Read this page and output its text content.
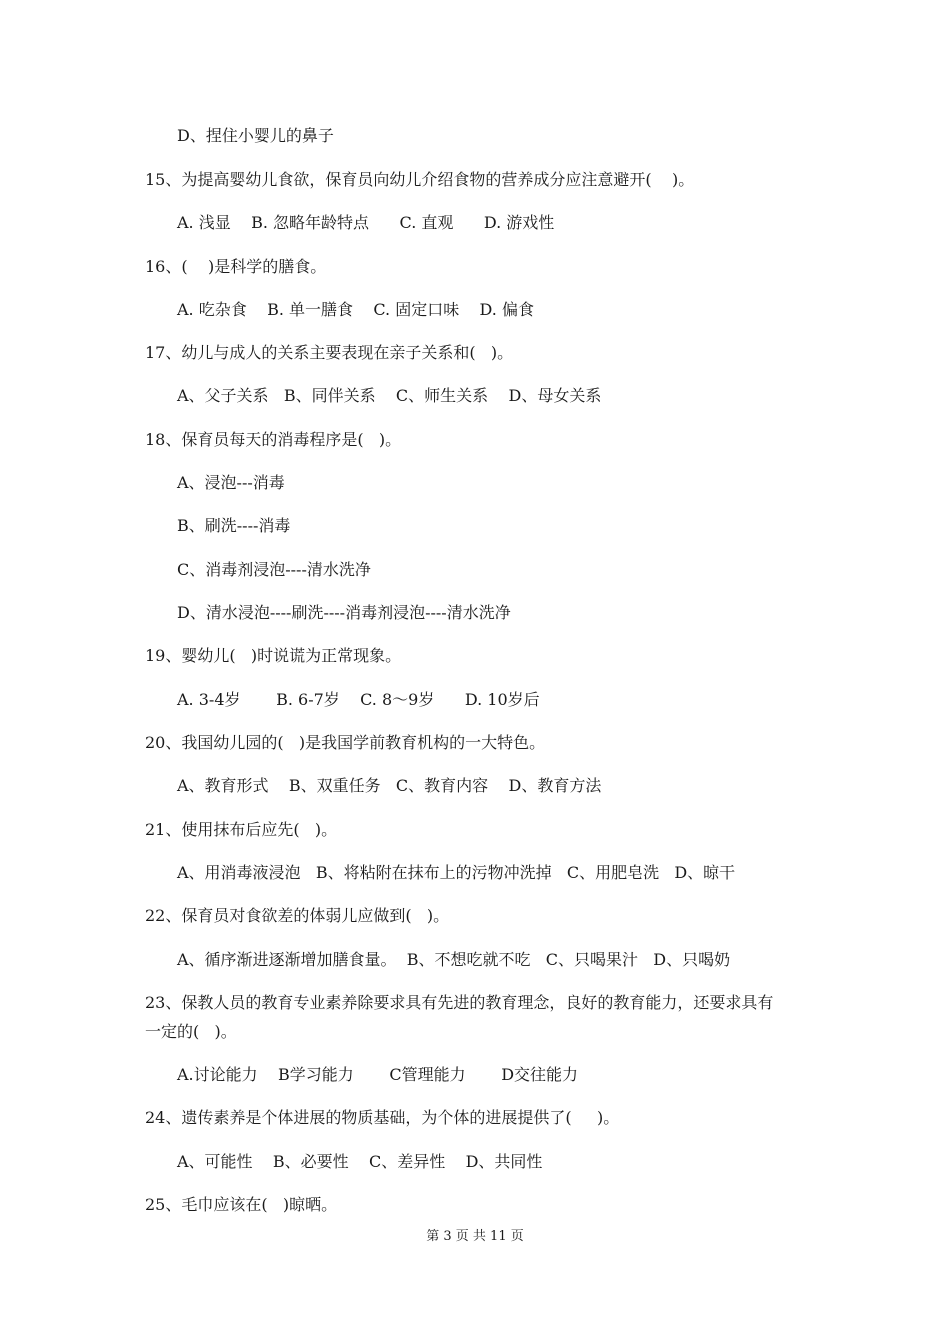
D、捏住小婴儿的鼻子
15、为提高婴幼儿食欲，保育员向幼儿介绍食物的营养成分应注意避开(    )。
A. 浅显    B. 忽略年龄特点      C. 直观      D. 游戏性
16、(    )是科学的膳食。
A. 吃杂食    B. 单一膳食    C. 固定口味    D. 偏食
17、幼儿与成人的关系主要表现在亲子关系和(   )。
A、父子关系   B、同伴关系    C、师生关系    D、母女关系
18、保育员每天的消毒程序是(   )。
A、浸泡---消毒
B、刷洗----消毒
C、消毒剂浸泡----清水洗净
D、清水浸泡----刷洗----消毒剂浸泡----清水洗净
19、婴幼儿(   )时说谎为正常现象。
A. 3-4岁       B. 6-7岁    C. 8～9岁      D. 10岁后
20、我国幼儿园的(   )是我国学前教育机构的一大特色。
A、教育形式    B、双重任务   C、教育内容    D、教育方法
21、使用抹布后应先(   )。
A、用消毒液浸泡   B、将粘附在抹布上的污物冲洗掉   C、用肥皂洗   D、晾干
22、保育员对食欲差的体弱儿应做到(   )。
A、循序渐进逐渐增加膳食量。  B、不想吃就不吃   C、只喝果汁   D、只喝奶
23、保教人员的教育专业素养除要求具有先进的教育理念，良好的教育能力，还要求具有
一定的(   )。
A.讨论能力    B学习能力       C管理能力       D交往能力
24、遗传素养是个体进展的物质基础，为个体的进展提供了(     )。
A、可能性    B、必要性    C、差异性    D、共同性
25、毛巾应该在(   )晾晒。
第 3 页 共 11 页
